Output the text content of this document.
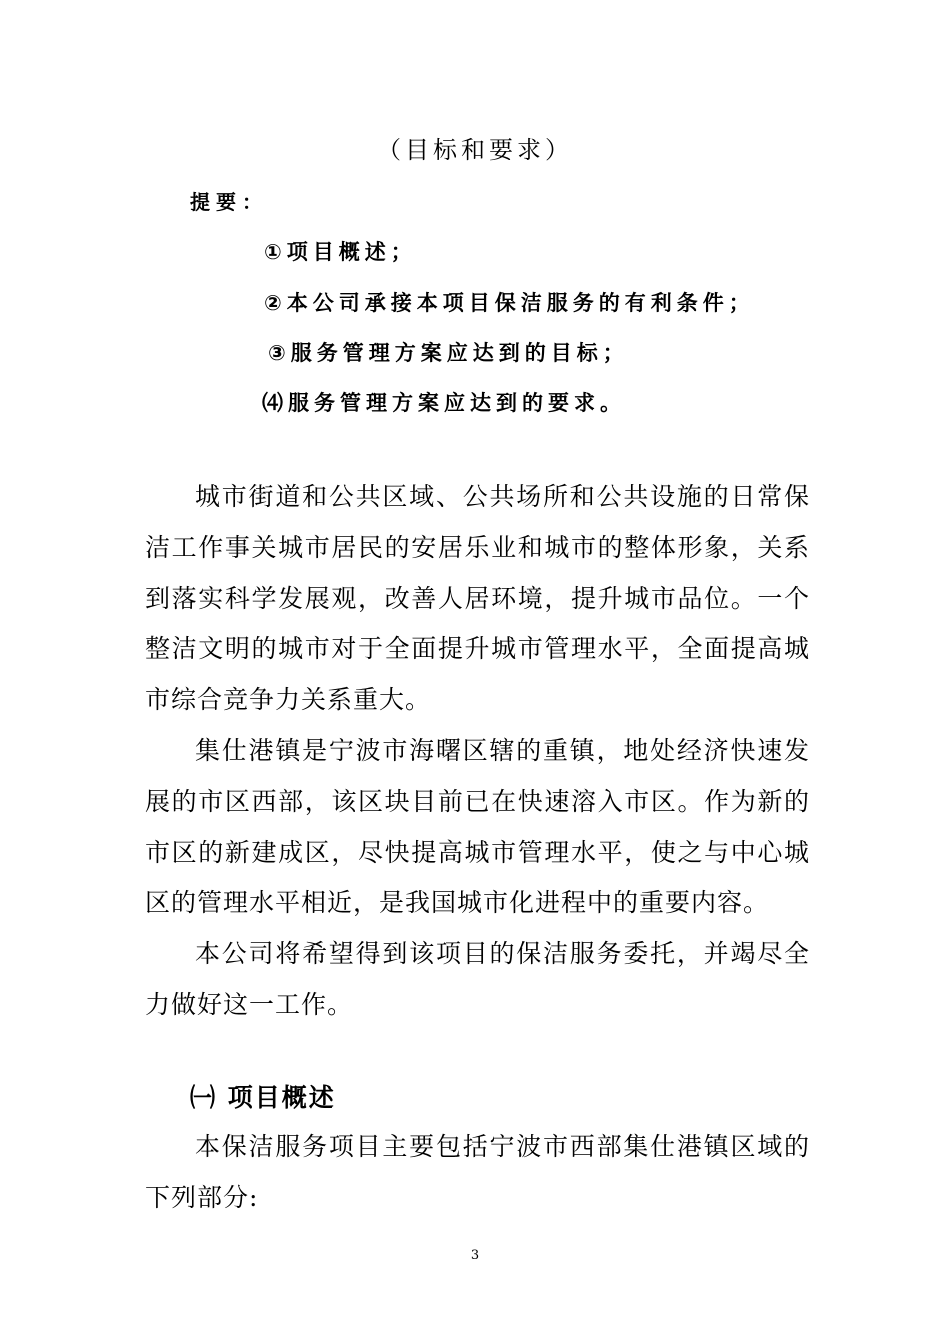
（目标和要求）
提要：
①项目概述；
②本公司承接本项目保洁服务的有利条件；
③服务管理方案应达到的目标；
⑷服务管理方案应达到的要求。
城市街道和公共区域、公共场所和公共设施的日常保洁工作事关城市居民的安居乐业和城市的整体形象，关系到落实科学发展观，改善人居环境，提升城市品位。一个整洁文明的城市对于全面提升城市管理水平，全面提高城市综合竞争力关系重大。
集仕港镇是宁波市海曙区辖的重镇，地处经济快速发展的市区西部，该区块目前已在快速溶入市区。作为新的市区的新建成区，尽快提高城市管理水平，使之与中心城区的管理水平相近，是我国城市化进程中的重要内容。
本公司将希望得到该项目的保洁服务委托，并竭尽全力做好这一工作。
㈠ 项目概述
本保洁服务项目主要包括宁波市西部集仕港镇区域的下列部分:
3
